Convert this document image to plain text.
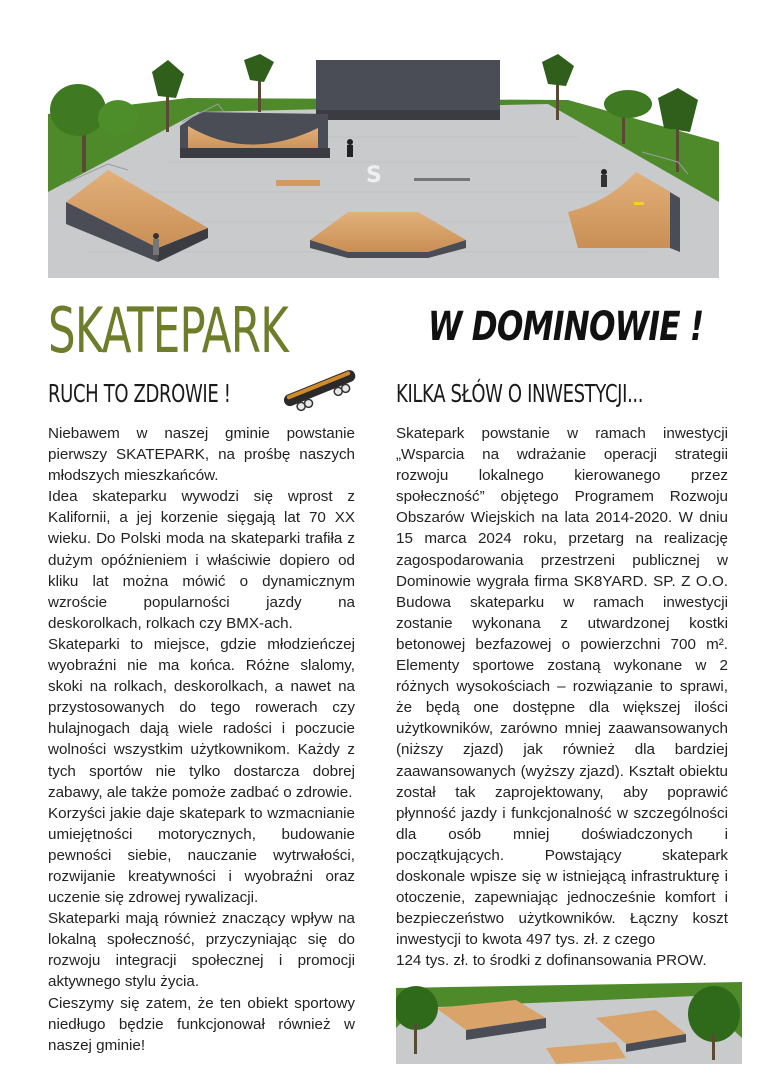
S
SKATEPARK	W DOMINOWIE !
RUCH TO ZDROWIE !	KILKA SŁÓW O INWESTYCJI...

Niebawem w naszej gminie powstanie pierwszy SKATEPARK, na prośbę naszych młodszych mieszkańców.

Idea skateparku wywodzi się wprost z Kalifornii, a jej korzenie sięgają lat 70 XX wieku. Do Polski moda na skateparki trafiła z dużym opóźnieniem i właściwie dopiero od kliku lat można mówić o dynamicznym wzroście popularności jazdy na deskorolkach, rolkach czy BMX-ach.

Skateparki to miejsce, gdzie młodzieńczej wyobraźni nie ma końca. Różne slalomy, skoki na rolkach, deskorolkach, a nawet na przystosowanych do tego rowerach czy hulajnogach dają wiele radości i poczucie wolności wszystkim użytkownikom. Każdy z tych sportów nie tylko dostarcza dobrej zabawy, ale także pomoże zadbać o zdrowie.

Korzyści jakie daje skatepark to wzmacnianie umiejętności motorycznych, budowanie pewności siebie, nauczanie wytrwałości, rozwijanie kreatywności i wyobraźni oraz uczenie się zdrowej rywalizacji.

Skateparki mają również znaczący wpływ na lokalną społeczność, przyczyniając się do rozwoju integracji społecznej i promocji aktywnego stylu życia.

Cieszymy się zatem, że ten obiekt sportowy niedługo będzie funkcjonował również w naszej gminie!

Skatepark powstanie w ramach inwestycji „Wsparcia na wdrażanie operacji strategii rozwoju lokalnego kierowanego przez społeczność” objętego Programem Rozwoju Obszarów Wiejskich na lata 2014-2020. W dniu 15 marca 2024 roku, przetarg na realizację zagospodarowania przestrzeni publicznej w Dominowie wygrała firma SK8YARD. SP. Z O.O. Budowa skateparku w ramach inwestycji zostanie wykonana z utwardzonej kostki betonowej bezfazowej o powierzchni 700 m². Elementy sportowe zostaną wykonane w 2 różnych wysokościach – rozwiązanie to sprawi, że będą one dostępne dla większej ilości użytkowników, zarówno mniej zaawansowanych (niższy zjazd) jak również dla bardziej zaawansowanych (wyższy zjazd). Kształt obiektu został tak zaprojektowany, aby poprawić płynność jazdy i funkcjonalność w szczególności dla osób mniej doświadczonych i początkujących. Powstający skatepark doskonale wpisze się w istniejącą infrastrukturę i otoczenie, zapewniając jednocześnie komfort i bezpieczeństwo użytkowników. Łączny koszt inwestycji to kwota 497 tys. zł. z czego

124 tys. zł. to środki z dofinansowania PROW.
